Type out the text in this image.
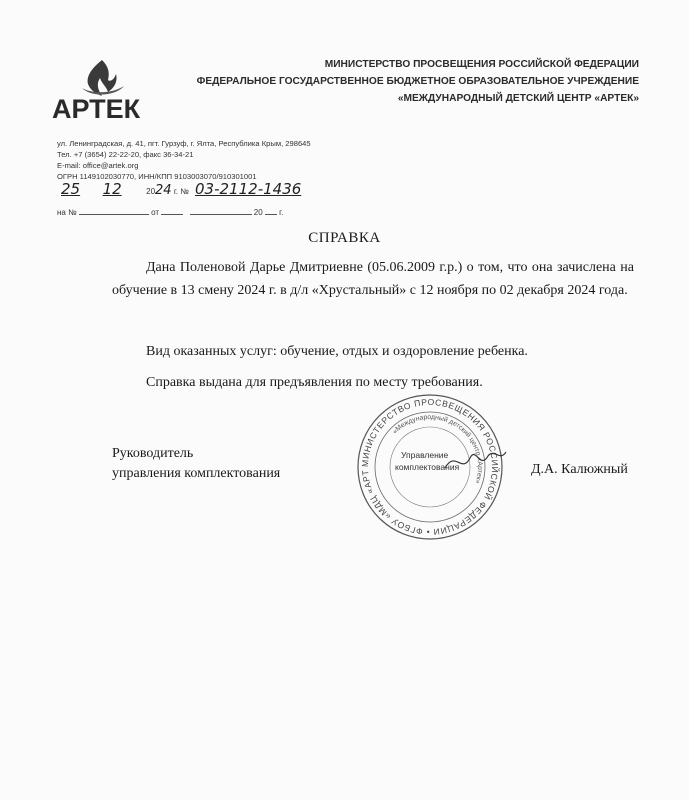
АРТЕК
МИНИСТЕРСТВО ПРОСВЕЩЕНИЯ РОССИЙСКОЙ ФЕДЕРАЦИИ
ФЕДЕРАЛЬНОЕ ГОСУДАРСТВЕННОЕ БЮДЖЕТНОЕ ОБРАЗОВАТЕЛЬНОЕ УЧРЕЖДЕНИЕ
«МЕЖДУНАРОДНЫЙ ДЕТСКИЙ ЦЕНТР «АРТЕК»
ул. Ленинградская, д. 41, пгт. Гурзуф, г. Ялта, Республика Крым, 298645
Тел. +7 (3654) 22-22-20, факс 36-34-21
E-mail: office@artek.org
ОГРН 1149102030770, ИНН/КПП 9103003070/910301001
25 12	2024 г. № 03-2112-1436
на №	от	20 г.
СПРАВКА
Дана Поленовой Дарье Дмитриевне (05.06.2009 г.р.) о том, что она зачислена на обучение в 13 смену 2024 г. в д/л «Хрустальный» с 12 ноября по 02 декабря 2024 года.
Вид оказанных услуг: обучение, отдых и оздоровление ребенка.
Справка выдана для предъявления по месту требования.
МИНИСТЕРСТВО ПРОСВЕЩЕНИЯ РОССИЙСКОЙ ФЕДЕРАЦИИ • ФГБОУ «МДЦ «АРТ
«Международный детский центр «Артек»
Управление
комплектования
Руководитель
управления комплектования	Д.А. Калюжный
